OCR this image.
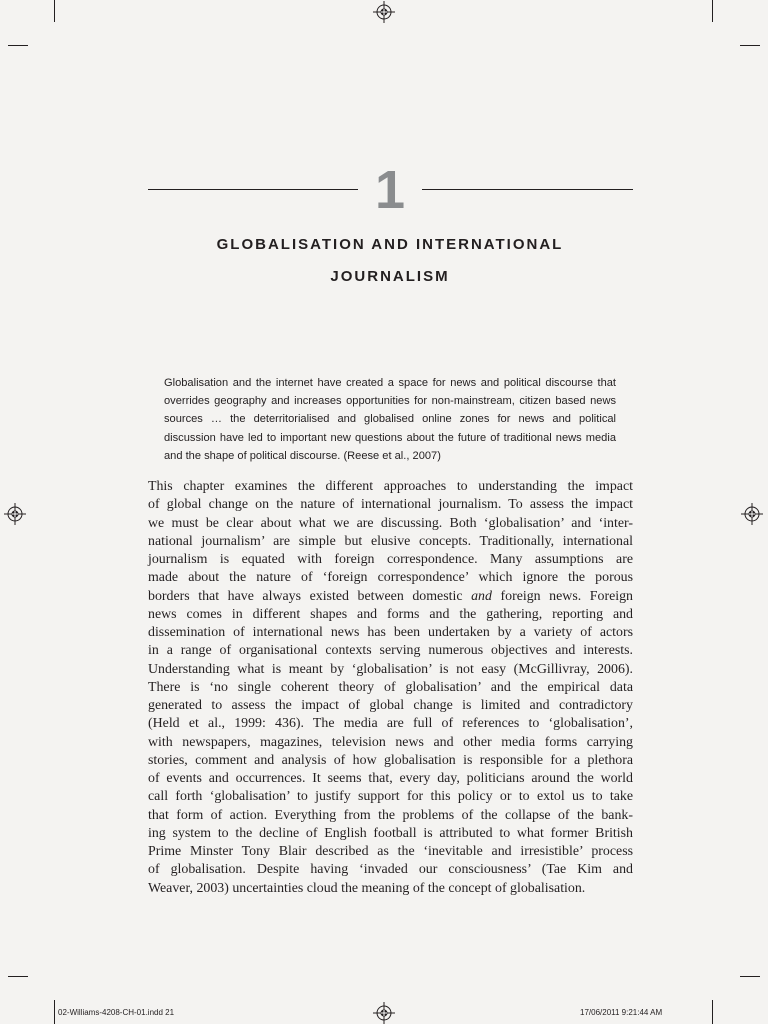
1
GLOBALISATION AND INTERNATIONAL
JOURNALISM
Globalisation and the internet have created a space for news and political discourse that overrides geography and increases opportunities for non-mainstream, citizen based news sources … the deterritorialised and globalised online zones for news and political discussion have led to important new questions about the future of traditional news media and the shape of political discourse. (Reese et al., 2007)
This chapter examines the different approaches to understanding the impact
of global change on the nature of international journalism. To assess the impact
we must be clear about what we are discussing. Both ‘globalisation’ and ‘inter-
national journalism’ are simple but elusive concepts. Traditionally, international
journalism is equated with foreign correspondence. Many assumptions are
made about the nature of ‘foreign correspondence’ which ignore the porous
borders that have always existed between domestic and foreign news. Foreign
news comes in different shapes and forms and the gathering, reporting and
dissemination of international news has been undertaken by a variety of actors
in a range of organisational contexts serving numerous objectives and interests.
Understanding what is meant by ‘globalisation’ is not easy (McGillivray, 2006).
There is ‘no single coherent theory of globalisation’ and the empirical data
generated to assess the impact of global change is limited and contradictory
(Held et al., 1999: 436). The media are full of references to ‘globalisation’,
with newspapers, magazines, television news and other media forms carrying
stories, comment and analysis of how globalisation is responsible for a plethora
of events and occurrences. It seems that, every day, politicians around the world
call forth ‘globalisation’ to justify support for this policy or to extol us to take
that form of action. Everything from the problems of the collapse of the bank-
ing system to the decline of English football is attributed to what former British
Prime Minster Tony Blair described as the ‘inevitable and irresistible’ process
of globalisation. Despite having ‘invaded our consciousness’ (Tae Kim and
Weaver, 2003) uncertainties cloud the meaning of the concept of globalisation.
02-Williams-4208-CH-01.indd 21	17/06/2011 9:21:44 AM
